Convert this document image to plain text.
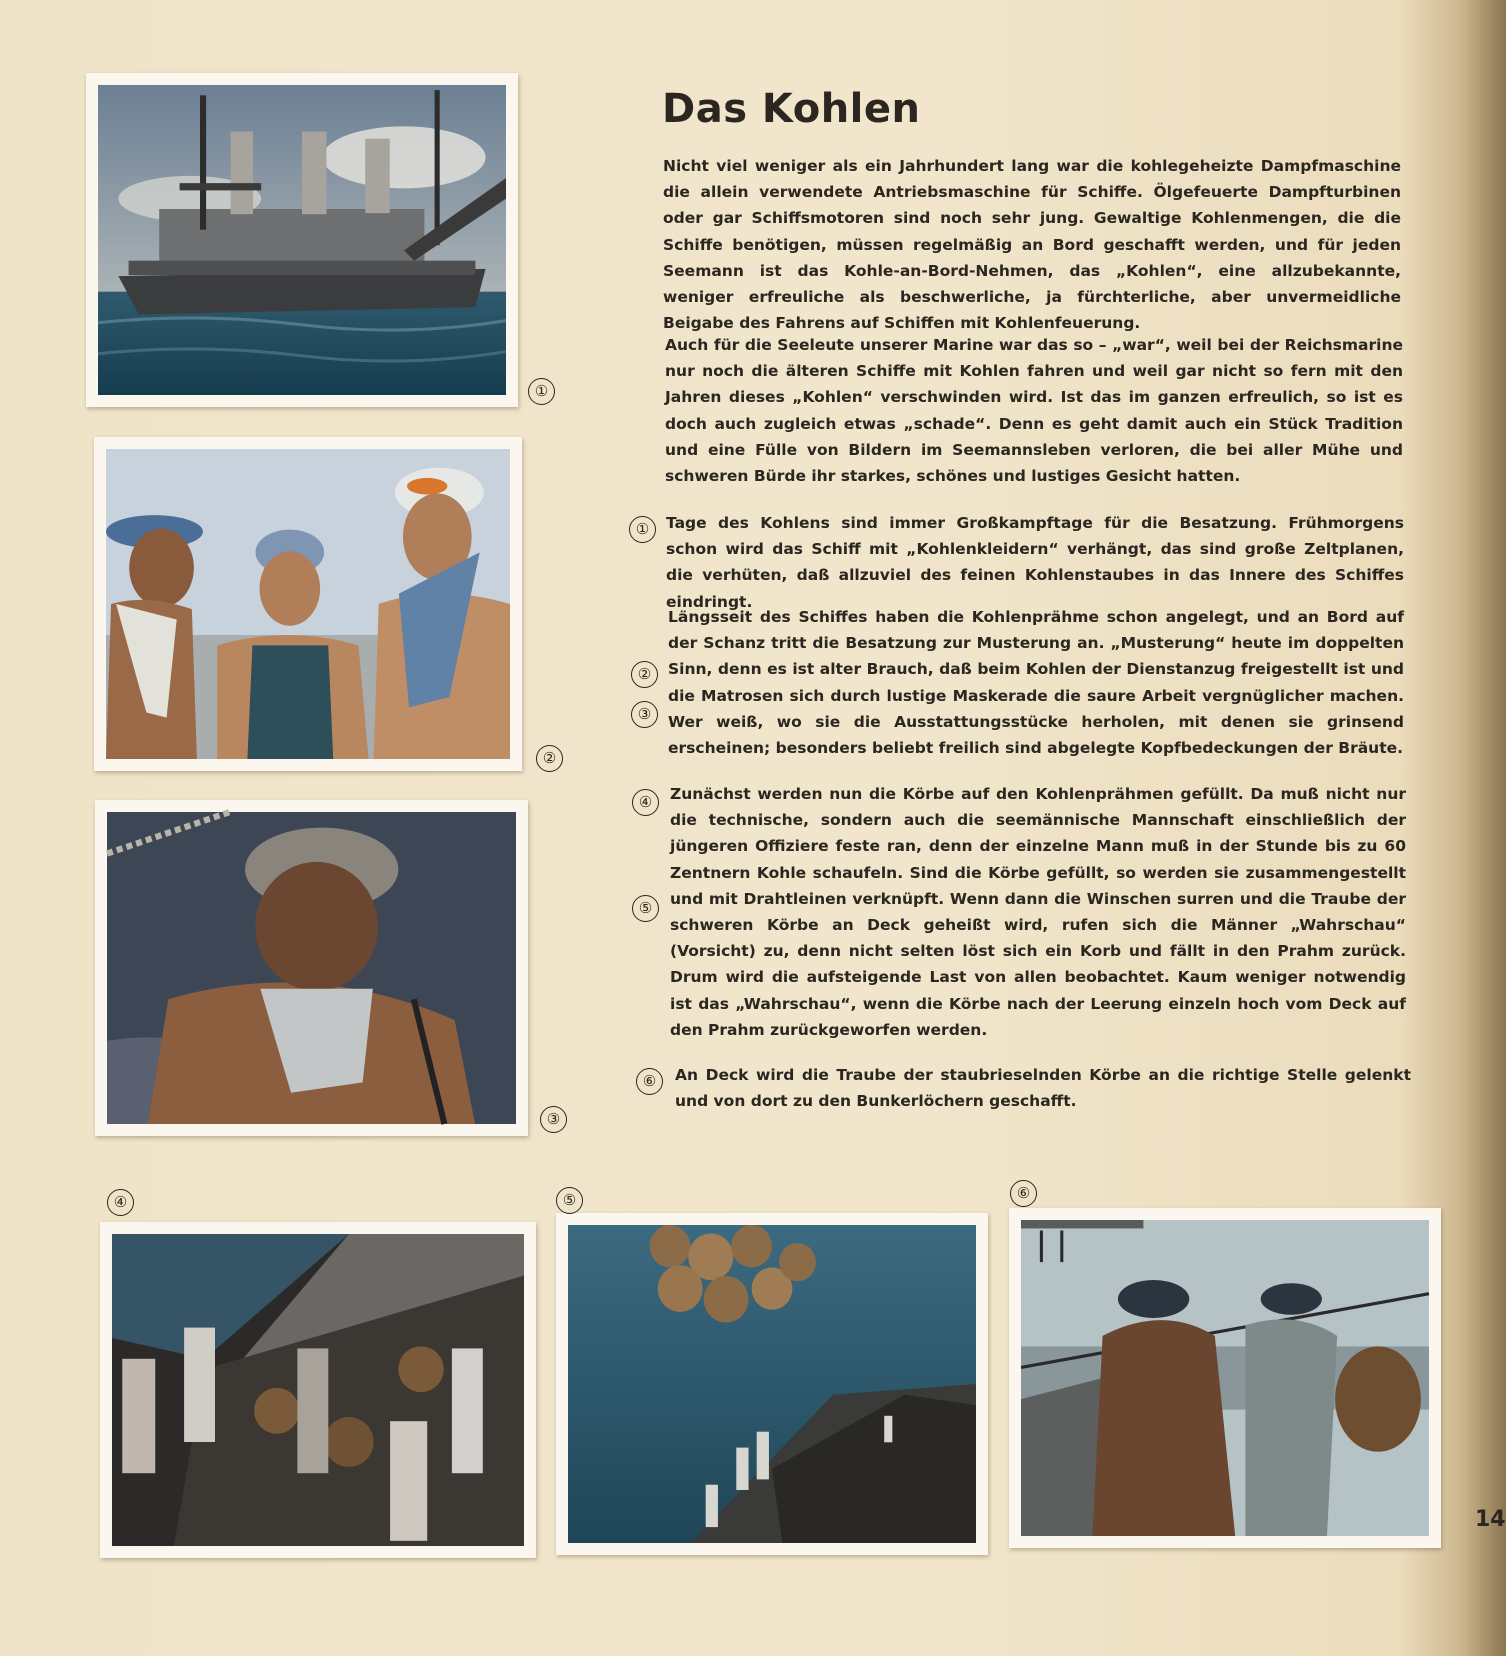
①
②
③
④	⑤	⑥
Das Kohlen

Nicht viel weniger als ein Jahrhundert lang war die kohlegeheizte Dampfmaschine die allein verwendete Antriebsmaschine für Schiffe. Ölgefeuerte Dampfturbinen oder gar Schiffsmotoren sind noch sehr jung. Gewaltige Kohlenmengen, die die Schiffe benötigen, müssen regelmäßig an Bord geschafft werden, und für jeden Seemann ist das Kohle-an-Bord-Nehmen, das „Kohlen“, eine allzubekannte, weniger erfreuliche als beschwerliche, ja fürchterliche, aber unvermeidliche Beigabe des Fahrens auf Schiffen mit Kohlenfeuerung.

Auch für die Seeleute unserer Marine war das so – „war“, weil bei der Reichsmarine nur noch die älteren Schiffe mit Kohlen fahren und weil gar nicht so fern mit den Jahren dieses „Kohlen“ verschwinden wird. Ist das im ganzen erfreulich, so ist es doch auch zugleich etwas „schade“. Denn es geht damit auch ein Stück Tradition und eine Fülle von Bildern im Seemannsleben verloren, die bei aller Mühe und schweren Bürde ihr starkes, schönes und lustiges Gesicht hatten.

①	Tage des Kohlens sind immer Großkampftage für die Besatzung. Frühmorgens schon wird das Schiff mit „Kohlenkleidern“ verhängt, das sind große Zeltplanen, die verhüten, daß allzuviel des feinen Kohlenstaubes in das Innere des Schiffes eindringt.

②
③

Längsseit des Schiffes haben die Kohlenprähme schon angelegt, und an Bord auf der Schanz tritt die Besatzung zur Musterung an. „Musterung“ heute im doppelten Sinn, denn es ist alter Brauch, daß beim Kohlen der Dienstanzug freigestellt ist und die Matrosen sich durch lustige Maskerade die saure Arbeit vergnüglicher machen. Wer weiß, wo sie die Ausstattungsstücke herholen, mit denen sie grinsend erscheinen; besonders beliebt freilich sind abgelegte Kopfbedeckungen der Bräute.

④
⑤

Zunächst werden nun die Körbe auf den Kohlenprähmen gefüllt. Da muß nicht nur die technische, sondern auch die seemännische Mannschaft einschließlich der jüngeren Offiziere feste ran, denn der einzelne Mann muß in der Stunde bis zu 60 Zentnern Kohle schaufeln. Sind die Körbe gefüllt, so werden sie zusammengestellt und mit Drahtleinen verknüpft. Wenn dann die Winschen surren und die Traube der schweren Körbe an Deck geheißt wird, rufen sich die Männer „Wahrschau“ (Vorsicht) zu, denn nicht selten löst sich ein Korb und fällt in den Prahm zurück. Drum wird die aufsteigende Last von allen beobachtet. Kaum weniger notwendig ist das „Wahrschau“, wenn die Körbe nach der Leerung einzeln hoch vom Deck auf den Prahm zurückgeworfen werden.

⑥	An Deck wird die Traube der staubrieselnden Körbe an die richtige Stelle gelenkt und von dort zu den Bunkerlöchern geschafft.

14
